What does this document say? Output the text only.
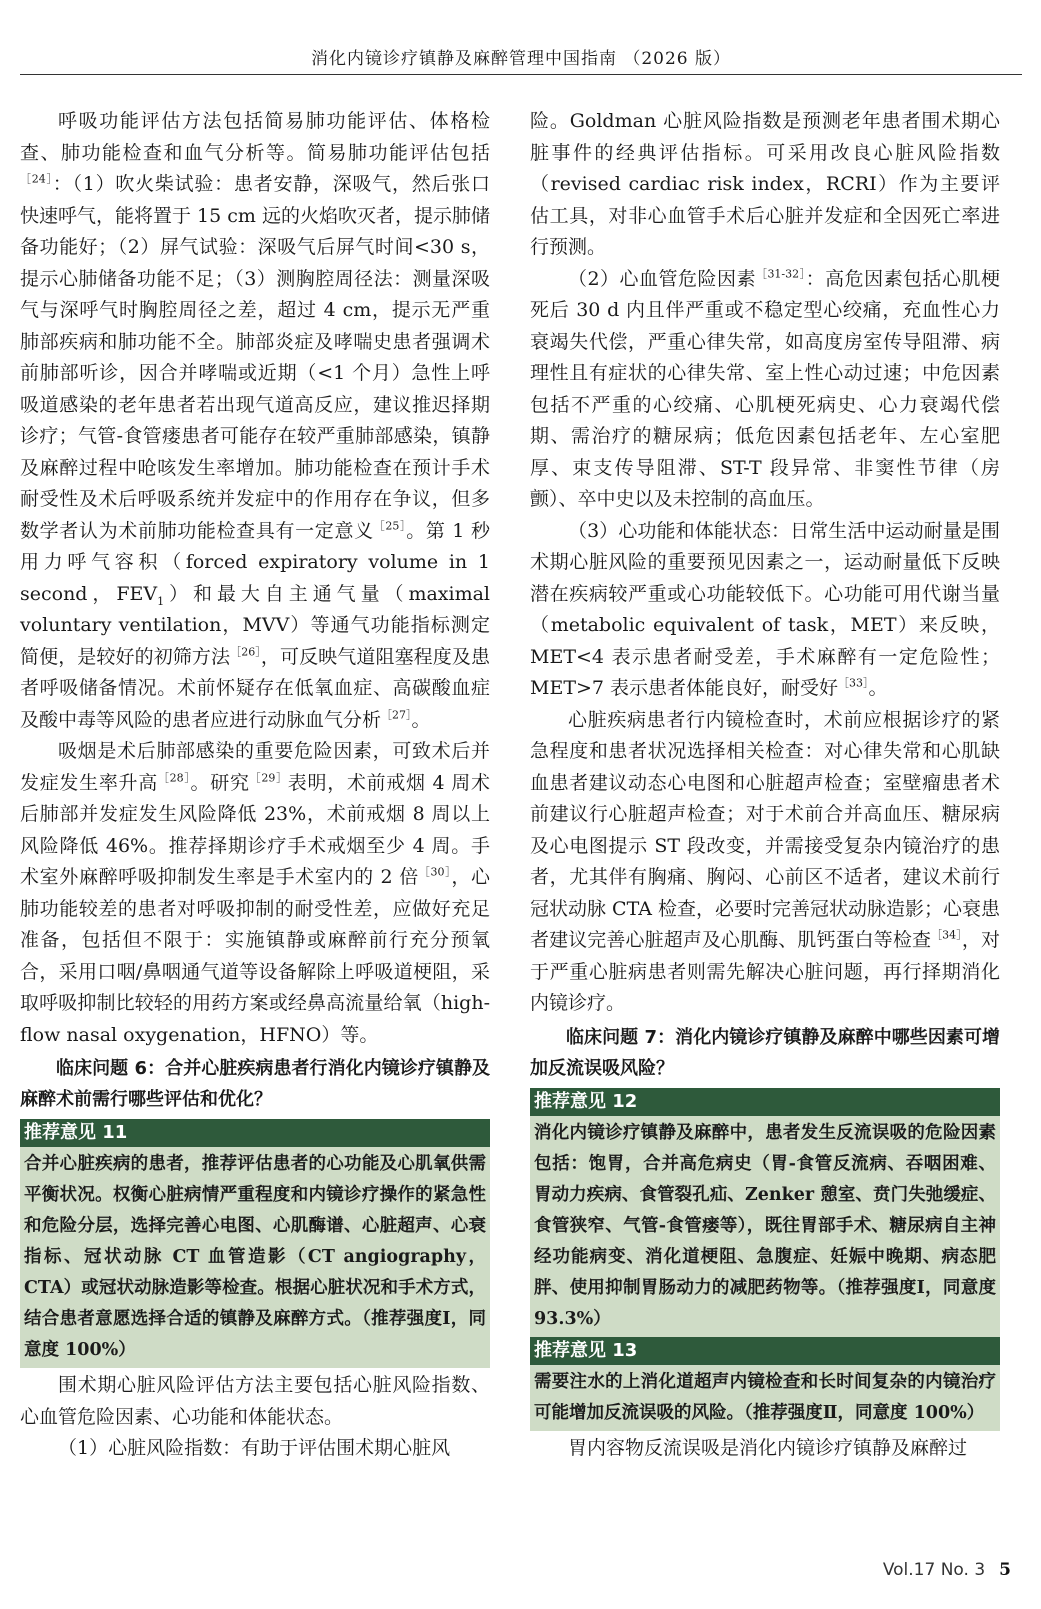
消化内镜诊疗镇静及麻醉管理中国指南 （2026 版）

呼吸功能评估方法包括简易肺功能评估、体格检查、肺功能检查和血气分析等。简易肺功能评估包括$^{[24]}$：（1）吹火柴试验：患者安静，深吸气，然后张口快速呼气，能将置于 15 cm 远的火焰吹灭者，提示肺储备功能好；（2）屏气试验：深吸气后屏气时间<30 s，提示心肺储备功能不足；（3）测胸腔周径法：测量深吸气与深呼气时胸腔周径之差，超过 4 cm，提示无严重肺部疾病和肺功能不全。肺部炎症及哮喘史患者强调术前肺部听诊，因合并哮喘或近期（<1 个月）急性上呼吸道感染的老年患者若出现气道高反应，建议推迟择期诊疗；气管-食管瘘患者可能存在较严重肺部感染，镇静及麻醉过程中呛咳发生率增加。肺功能检查在预计手术耐受性及术后呼吸系统并发症中的作用存在争议，但多数学者认为术前肺功能检查具有一定意义$^{[25]}$。第 1 秒用力呼气容积（forced expiratory volume in 1 second，$FEV_1$）和最大自主通气量（maximal voluntary ventilation，MVV）等通气功能指标测定简便，是较好的初筛方法$^{[26]}$，可反映气道阻塞程度及患者呼吸储备情况。术前怀疑存在低氧血症、高碳酸血症及酸中毒等风险的患者应进行动脉血气分析$^{[27]}$。

吸烟是术后肺部感染的重要危险因素，可致术后并发症发生率升高$^{[28]}$。研究$^{[29]}$表明，术前戒烟 4 周术后肺部并发症发生风险降低 23%，术前戒烟 8 周以上风险降低 46%。推荐择期诊疗手术戒烟至少 4 周。手术室外麻醉呼吸抑制发生率是手术室内的 2 倍$^{[30]}$，心肺功能较差的患者对呼吸抑制的耐受性差，应做好充足准备，包括但不限于：实施镇静或麻醉前行充分预氧合，采用口咽/鼻咽通气道等设备解除上呼吸道梗阻，采取呼吸抑制比较轻的用药方案或经鼻高流量给氧（high-flow nasal oxygenation，HFNO）等。

临床问题 6：合并心脏疾病患者行消化内镜诊疗镇静及麻醉术前需行哪些评估和优化？
推荐意见 11
合并心脏疾病的患者，推荐评估患者的心功能及心肌氧供需平衡状况。权衡心脏病情严重程度和内镜诊疗操作的紧急性和危险分层，选择完善心电图、心肌酶谱、心脏超声、心衰指标、冠状动脉 CT 血管造影（CT angiography，CTA）或冠状动脉造影等检查。根据心脏状况和手术方式，结合患者意愿选择合适的镇静及麻醉方式。（推荐强度Ⅰ，同意度 100%）

围术期心脏风险评估方法主要包括心脏风险指数、心血管危险因素、心功能和体能状态。

（1）心脏风险指数：有助于评估围术期心脏风

险。Goldman 心脏风险指数是预测老年患者围术期心脏事件的经典评估指标。可采用改良心脏风险指数（revised cardiac risk index，RCRI）作为主要评估工具，对非心血管手术后心脏并发症和全因死亡率进行预测。

（2）心血管危险因素$^{[31-32]}$：高危因素包括心肌梗死后 30 d 内且伴严重或不稳定型心绞痛，充血性心力衰竭失代偿，严重心律失常，如高度房室传导阻滞、病理性且有症状的心律失常、室上性心动过速；中危因素包括不严重的心绞痛、心肌梗死病史、心力衰竭代偿期、需治疗的糖尿病；低危因素包括老年、左心室肥厚、束支传导阻滞、ST-T 段异常、非窦性节律（房颤）、卒中史以及未控制的高血压。

（3）心功能和体能状态：日常生活中运动耐量是围术期心脏风险的重要预见因素之一，运动耐量低下反映潜在疾病较严重或心功能较低下。心功能可用代谢当量（metabolic equivalent of task，MET）来反映，MET<4 表示患者耐受差，手术麻醉有一定危险性；MET>7 表示患者体能良好，耐受好$^{[33]}$。

心脏疾病患者行内镜检查时，术前应根据诊疗的紧急程度和患者状况选择相关检查：对心律失常和心肌缺血患者建议动态心电图和心脏超声检查；室壁瘤患者术前建议行心脏超声检查；对于术前合并高血压、糖尿病及心电图提示 ST 段改变，并需接受复杂内镜治疗的患者，尤其伴有胸痛、胸闷、心前区不适者，建议术前行冠状动脉 CTA 检查，必要时完善冠状动脉造影；心衰患者建议完善心脏超声及心肌酶、肌钙蛋白等检查$^{[34]}$，对于严重心脏病患者则需先解决心脏问题，再行择期消化内镜诊疗。

临床问题 7：消化内镜诊疗镇静及麻醉中哪些因素可增加反流误吸风险？
推荐意见 12
消化内镜诊疗镇静及麻醉中，患者发生反流误吸的危险因素包括：饱胃，合并高危病史（胃-食管反流病、吞咽困难、胃动力疾病、食管裂孔疝、Zenker 憩室、贲门失弛缓症、食管狭窄、气管-食管瘘等），既往胃部手术、糖尿病自主神经功能病变、消化道梗阻、急腹症、妊娠中晚期、病态肥胖、使用抑制胃肠动力的减肥药物等。（推荐强度Ⅰ，同意度 93.3%）
推荐意见 13
需要注水的上消化道超声内镜检查和长时间复杂的内镜治疗可能增加反流误吸的风险。（推荐强度Ⅱ，同意度 100%）

胃内容物反流误吸是消化内镜诊疗镇静及麻醉过

Vol.17 No. 3 5
